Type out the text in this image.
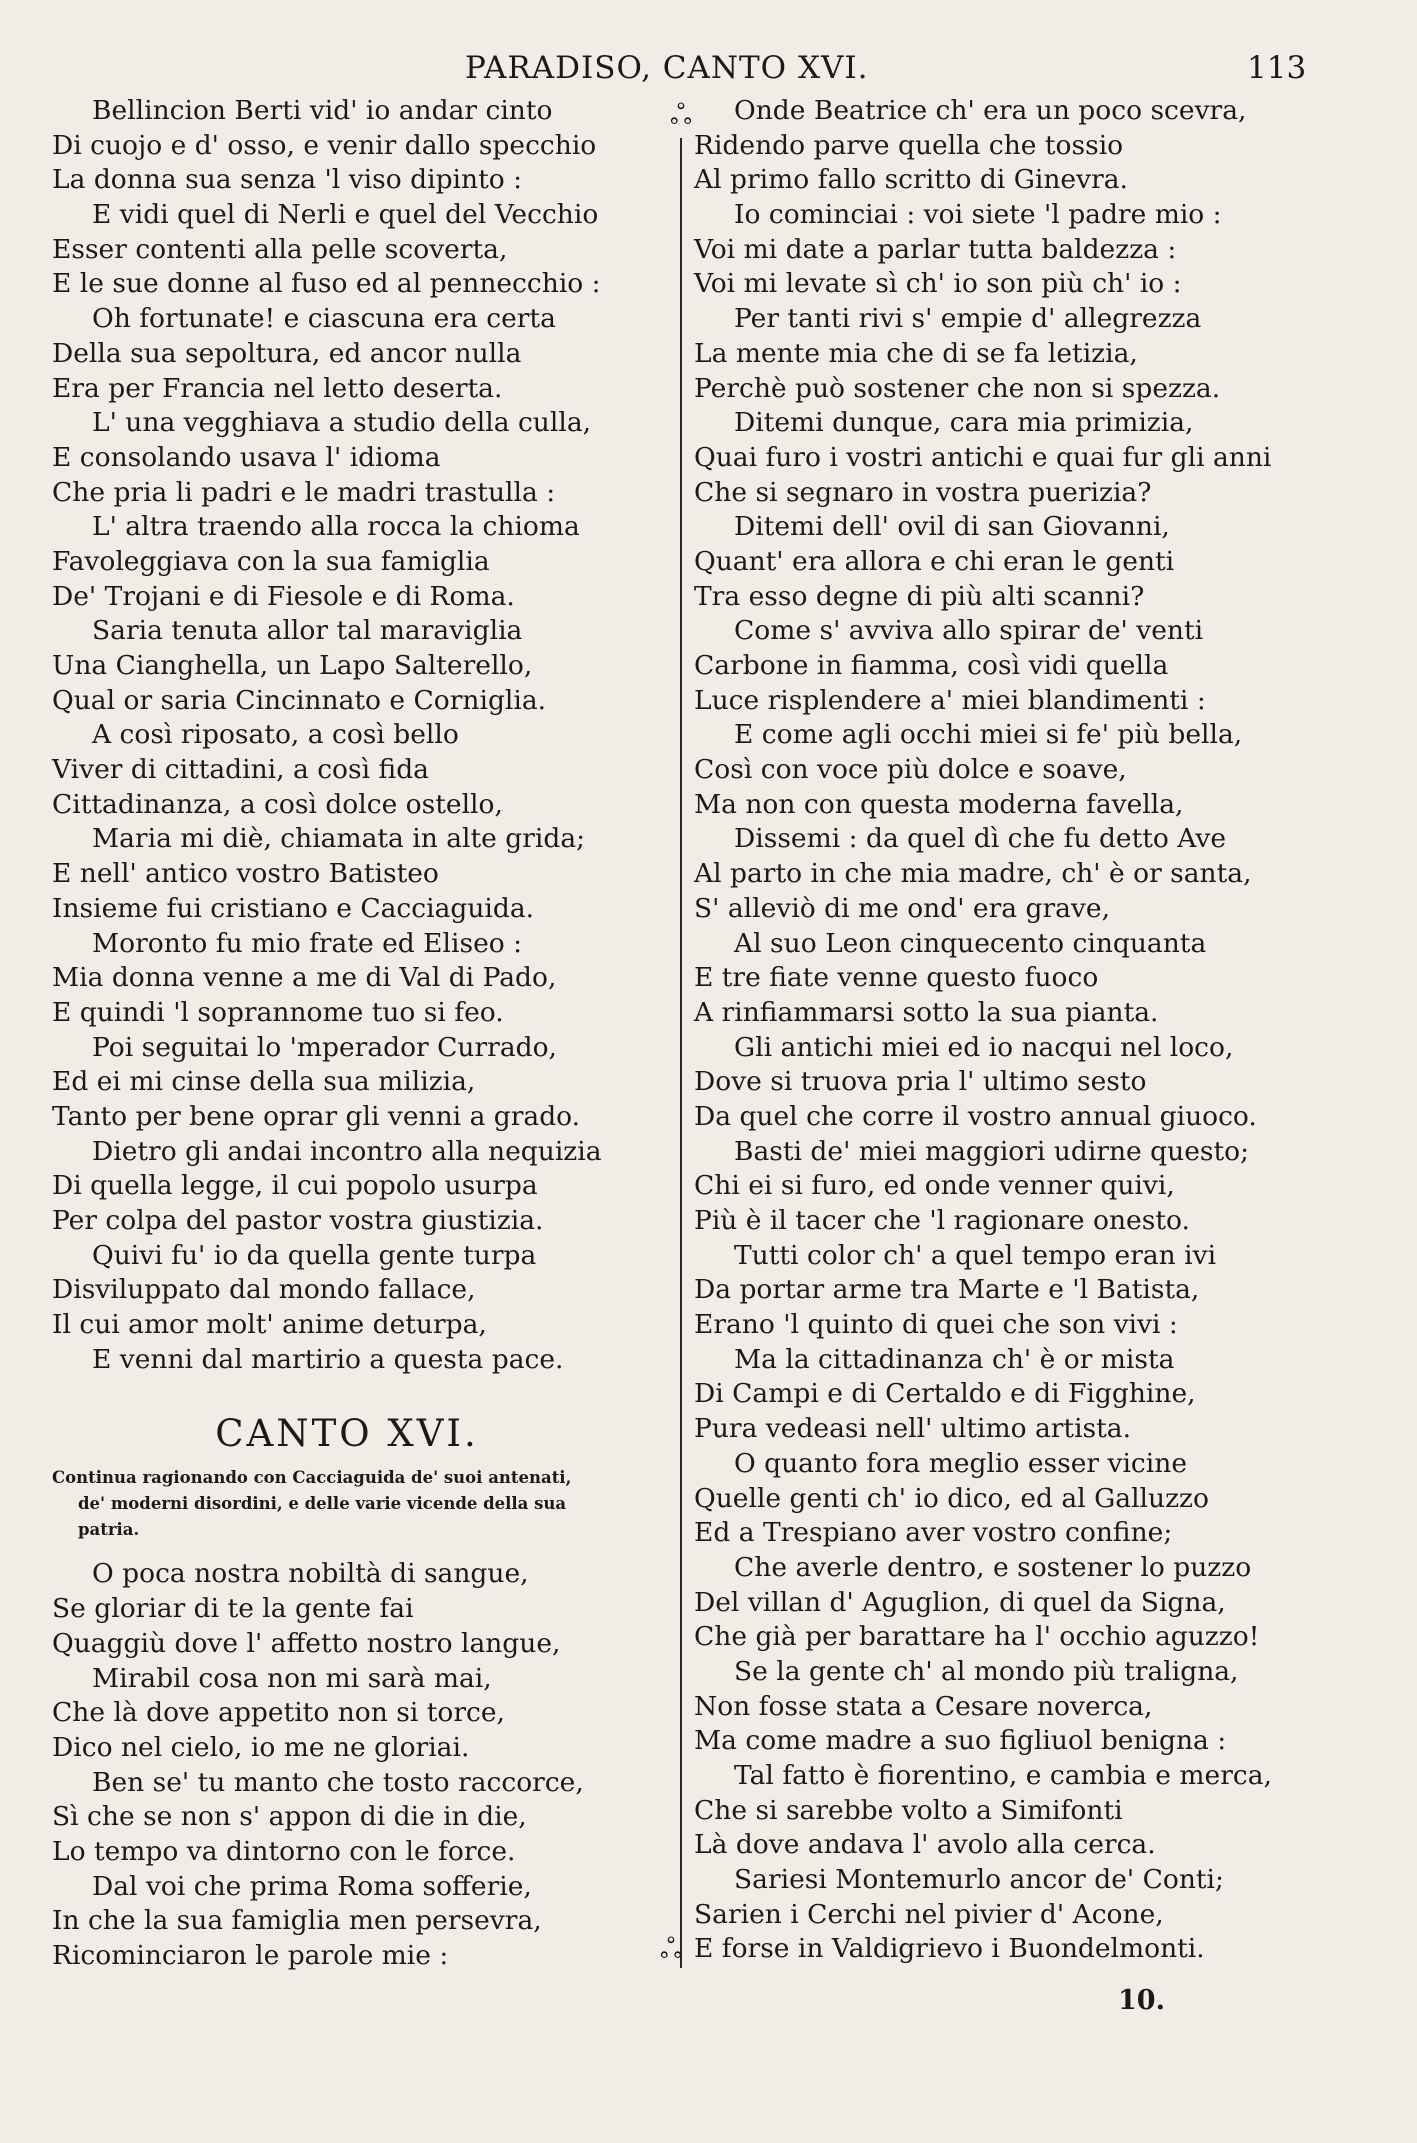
PARADISO, CANTO XVI.	113
ஃ
ஃ
Bellincion Berti vid' io andar cinto
Di cuojo e d' osso, e venir dallo specchio
La donna sua senza 'l viso dipinto :
E vidi quel di Nerli e quel del Vecchio
Esser contenti alla pelle scoverta,
E le sue donne al fuso ed al pennecchio :
Oh fortunate! e ciascuna era certa
Della sua sepoltura, ed ancor nulla
Era per Francia nel letto deserta.
L' una vegghiava a studio della culla,
E consolando usava l' idioma
Che pria li padri e le madri trastulla :
L' altra traendo alla rocca la chioma
Favoleggiava con la sua famiglia
De' Trojani e di Fiesole e di Roma.
Saria tenuta allor tal maraviglia
Una Cianghella, un Lapo Salterello,
Qual or saria Cincinnato e Corniglia.
A così riposato, a così bello
Viver di cittadini, a così fida
Cittadinanza, a così dolce ostello,
Maria mi diè, chiamata in alte grida;
E nell' antico vostro Batisteo
Insieme fui cristiano e Cacciaguida.
Moronto fu mio frate ed Eliseo :
Mia donna venne a me di Val di Pado,
E quindi 'l soprannome tuo si feo.
Poi seguitai lo 'mperador Currado,
Ed ei mi cinse della sua milizia,
Tanto per bene oprar gli venni a grado.
Dietro gli andai incontro alla nequizia
Di quella legge, il cui popolo usurpa
Per colpa del pastor vostra giustizia.
Quivi fu' io da quella gente turpa
Disviluppato dal mondo fallace,
Il cui amor molt' anime deturpa,
E venni dal martirio a questa pace.
CANTO XVI.
Continua ragionando con Cacciaguida de' suoi antenati,
de' moderni disordini, e delle varie vicende della sua
patria.
O poca nostra nobiltà di sangue,
Se gloriar di te la gente fai
Quaggiù dove l' affetto nostro langue,
Mirabil cosa non mi sarà mai,
Che là dove appetito non si torce,
Dico nel cielo, io me ne gloriai.
Ben se' tu manto che tosto raccorce,
Sì che se non s' appon di die in die,
Lo tempo va dintorno con le force.
Dal voi che prima Roma sofferie,
In che la sua famiglia men persevra,
Ricominciaron le parole mie :
Onde Beatrice ch' era un poco scevra,
Ridendo parve quella che tossio
Al primo fallo scritto di Ginevra.
Io cominciai : voi siete 'l padre mio :
Voi mi date a parlar tutta baldezza :
Voi mi levate sì ch' io son più ch' io :
Per tanti rivi s' empie d' allegrezza
La mente mia che di se fa letizia,
Perchè può sostener che non si spezza.
Ditemi dunque, cara mia primizia,
Quai furo i vostri antichi e quai fur gli anni
Che si segnaro in vostra puerizia?
Ditemi dell' ovil di san Giovanni,
Quant' era allora e chi eran le genti
Tra esso degne di più alti scanni?
Come s' avviva allo spirar de' venti
Carbone in fiamma, così vidi quella
Luce risplendere a' miei blandimenti :
E come agli occhi miei si fe' più bella,
Così con voce più dolce e soave,
Ma non con questa moderna favella,
Dissemi : da quel dì che fu detto Ave
Al parto in che mia madre, ch' è or santa,
S' alleviò di me ond' era grave,
Al suo Leon cinquecento cinquanta
E tre fiate venne questo fuoco
A rinfiammarsi sotto la sua pianta.
Gli antichi miei ed io nacqui nel loco,
Dove si truova pria l' ultimo sesto
Da quel che corre il vostro annual giuoco.
Basti de' miei maggiori udirne questo;
Chi ei si furo, ed onde venner quivi,
Più è il tacer che 'l ragionare onesto.
Tutti color ch' a quel tempo eran ivi
Da portar arme tra Marte e 'l Batista,
Erano 'l quinto di quei che son vivi :
Ma la cittadinanza ch' è or mista
Di Campi e di Certaldo e di Figghine,
Pura vedeasi nell' ultimo artista.
O quanto fora meglio esser vicine
Quelle genti ch' io dico, ed al Galluzzo
Ed a Trespiano aver vostro confine;
Che averle dentro, e sostener lo puzzo
Del villan d' Aguglion, di quel da Signa,
Che già per barattare ha l' occhio aguzzo!
Se la gente ch' al mondo più traligna,
Non fosse stata a Cesare noverca,
Ma come madre a suo figliuol benigna :
Tal fatto è fiorentino, e cambia e merca,
Che si sarebbe volto a Simifonti
Là dove andava l' avolo alla cerca.
Sariesi Montemurlo ancor de' Conti;
Sarien i Cerchi nel pivier d' Acone,
E forse in Valdigrievo i Buondelmonti.
10.
